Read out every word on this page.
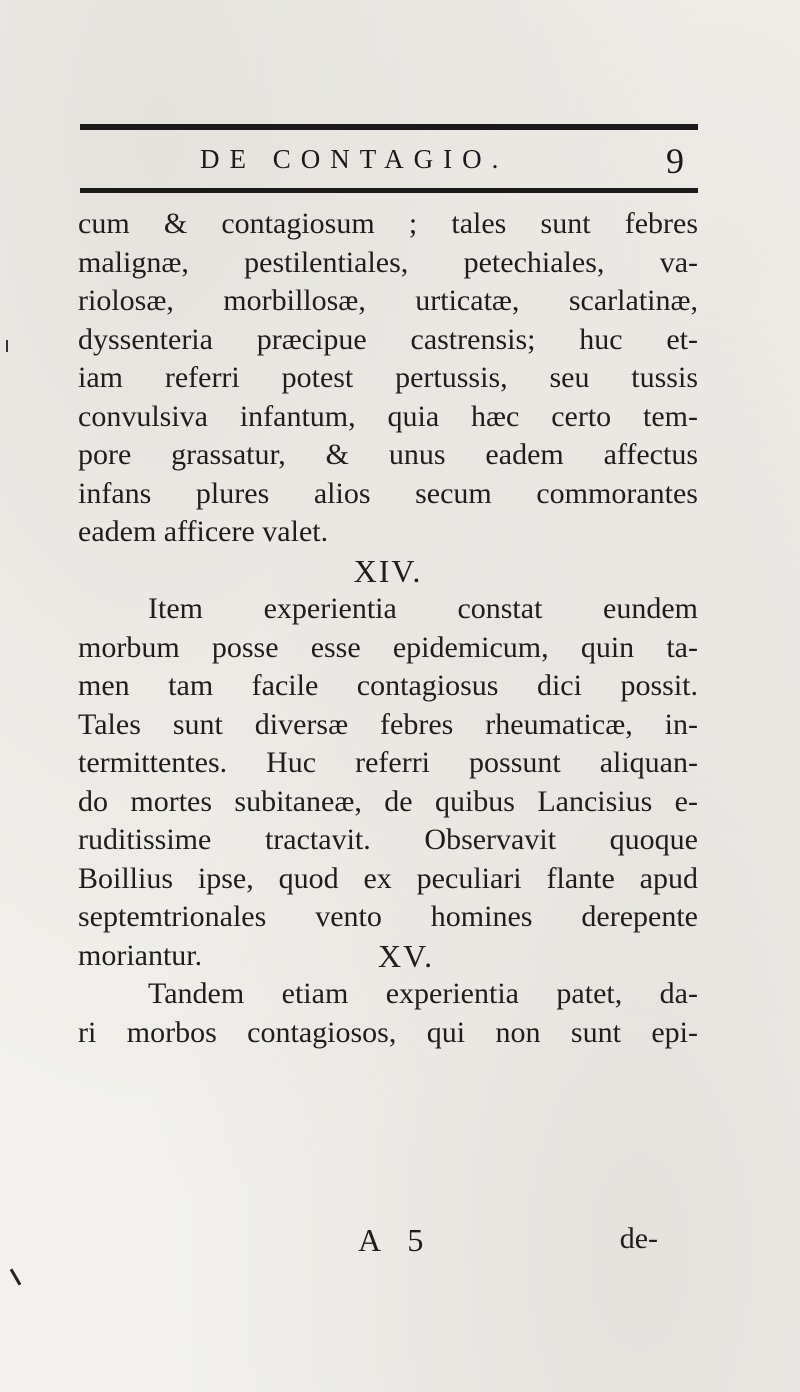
DE CONTAGIO.	9
cum & contagiosum ; tales sunt febres
malignæ, pestilentiales, petechiales, va-
riolosæ, morbillosæ, urticatæ, scarlatinæ,
dyssenteria præcipue castrensis; huc et-
iam referri potest pertussis, seu tussis
convulsiva infantum, quia hæc certo tem-
pore grassatur, & unus eadem affectus
infans plures alios secum commorantes
eadem afficere valet.
XIV.
Item experientia constat eundem
morbum posse esse epidemicum, quin ta-
men tam facile contagiosus dici possit.
Tales sunt diversæ febres rheumaticæ, in-
termittentes. Huc referri possunt aliquan-
do mortes subitaneæ, de quibus Lancisius e-
ruditissime tractavit. Observavit quoque
Boillius ipse, quod ex peculiari flante apud
septemtrionales vento homines derepente
moriantur.	XV.
Tandem etiam experientia patet, da-
ri morbos contagiosos, qui non sunt epi-
A 5	de-
